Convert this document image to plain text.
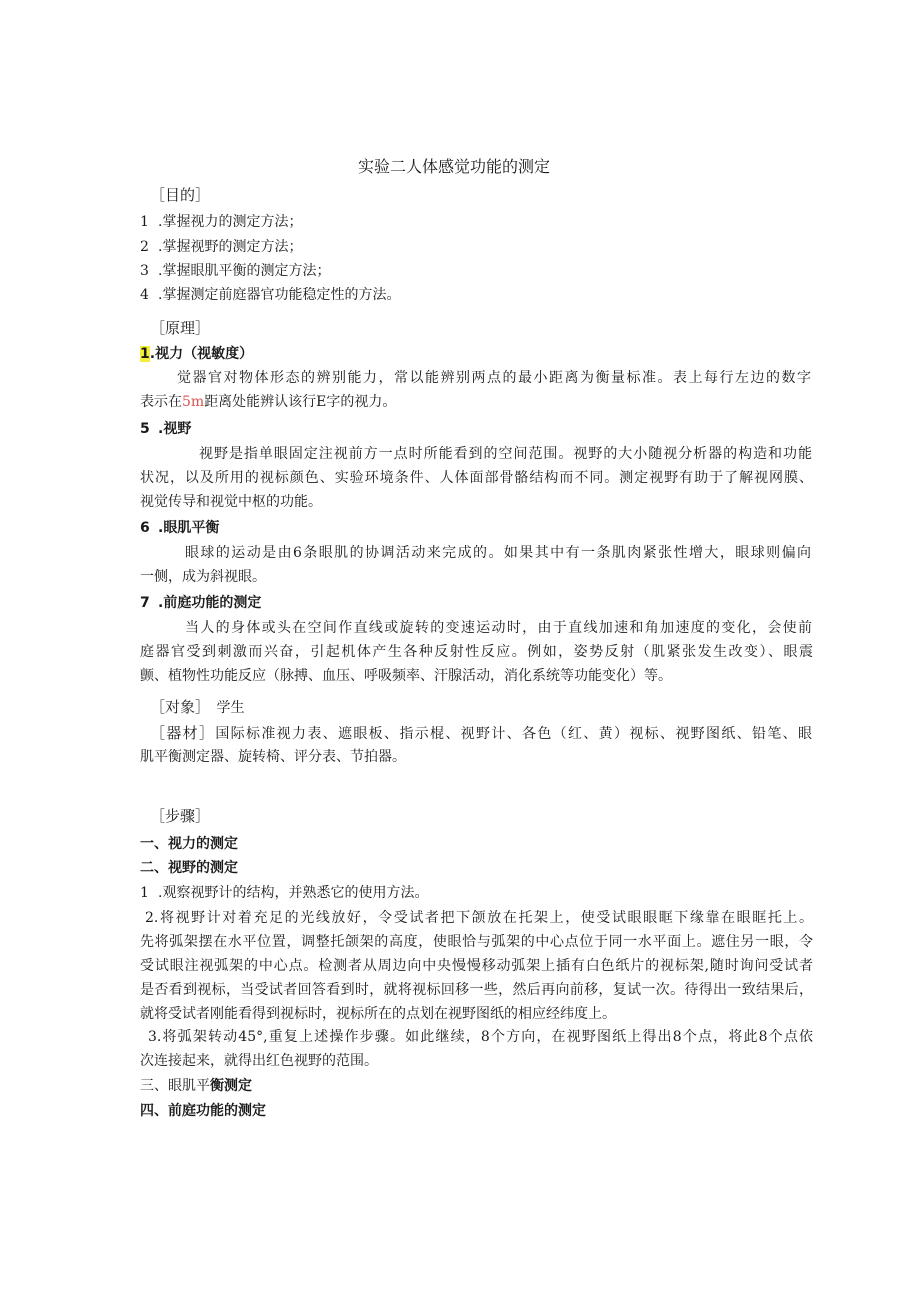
实验二人体感觉功能的测定
［目的］
1 .掌握视力的测定方法；
2 .掌握视野的测定方法；
3 .掌握眼肌平衡的测定方法；
4 .掌握测定前庭器官功能稳定性的方法。
［原理］
1.视力（视敏度）
觉器官对物体形态的辨别能力，常以能辨别两点的最小距离为衡量标准。表上每行左边的数字
表示在5m距离处能辨认该行E字的视力。
5 .视野
视野是指单眼固定注视前方一点时所能看到的空间范围。视野的大小随视分析器的构造和功能
状况，以及所用的视标颜色、实验环境条件、人体面部骨骼结构而不同。测定视野有助于了解视网膜、
视觉传导和视觉中枢的功能。
6 .眼肌平衡
眼球的运动是由6条眼肌的协调活动来完成的。如果其中有一条肌肉紧张性增大，眼球则偏向
一侧，成为斜视眼。
7 .前庭功能的测定
当人的身体或头在空间作直线或旋转的变速运动时，由于直线加速和角加速度的变化，会使前
庭器官受到刺激而兴奋，引起机体产生各种反射性反应。例如，姿势反射（肌紧张发生改变）、眼震
颤、植物性功能反应（脉搏、血压、呼吸频率、汗腺活动，消化系统等功能变化）等。
［对象］ 学生
［器材］国际标准视力表、遮眼板、指示棍、视野计、各色（红、黄）视标、视野图纸、铅笔、眼
肌平衡测定器、旋转椅、评分表、节拍器。
［步骤］
一、视力的测定
二、视野的测定
1 .观察视野计的结构，并熟悉它的使用方法。
2.将视野计对着充足的光线放好，令受试者把下颌放在托架上，使受试眼眼眶下缘靠在眼眶托上。
先将弧架摆在水平位置，调整托颌架的高度，使眼恰与弧架的中心点位于同一水平面上。遮住另一眼，令
受试眼注视弧架的中心点。检测者从周边向中央慢慢移动弧架上插有白色纸片的视标架,随时询问受试者
是否看到视标，当受试者回答看到时，就将视标回移一些，然后再向前移，复试一次。待得出一致结果后，
就将受试者刚能看得到视标时，视标所在的点划在视野图纸的相应经纬度上。
3.将弧架转动45°,重复上述操作步骤。如此继续，8个方向，在视野图纸上得出8个点，将此8个点依
次连接起来，就得出红色视野的范围。
三、眼肌平衡测定
四、前庭功能的测定
